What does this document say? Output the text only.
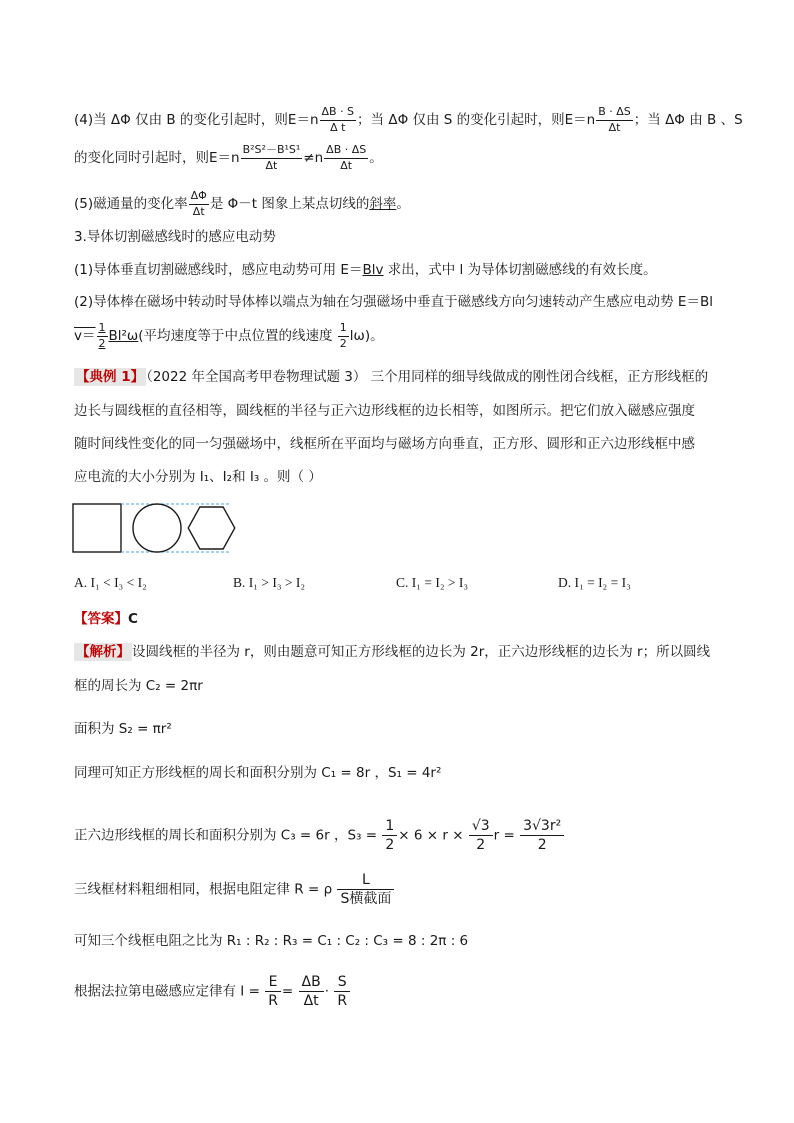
(4)当 ΔΦ 仅由 B 的变化引起时，则$E=n \frac{\Delta B \cdot S}{\text{Δ t}}$ ；当 ΔΦ 仅由 S 的变化引起时，则$E=n \frac{B \cdot \Delta S}{\Delta t}$ ；当 ΔΦ 由 B 、S
的变化同时引起时，则$E=n \frac{\text{B²S²－B¹S¹}}{\Delta t} \ne n \frac{\Delta B \cdot \Delta S}{\Delta t}$ 。
(5)磁通量的变化率 $\frac{\Delta\Phi}{\Delta t}$ 是 Φ－t 图象上某点切线的斜率。
3.导体切割磁感线时的感应电动势
(1)导体垂直切割磁感线时，感应电动势可用 E＝Blv 求出，式中 l 为导体切割磁感线的有效长度。
(2)导体棒在磁场中转动时导体棒以端点为轴在匀强磁场中垂直于磁感线方向匀速转动产生感应电动势 E＝Bl
$v= \frac{1}{2} Bl^2\omega$(平均速度等于中点位置的线速度 $\frac{1}{2} l\omega$)。
【典例 1】 （2022 年全国高考甲卷物理试题 3） 三个用同样的细导线做成的刚性闭合线框，正方形线框的
边长与圆线框的直径相等，圆线框的半径与正六边形线框的边长相等，如图所示。把它们放入磁感应强度
随时间线性变化的同一匀强磁场中，线框所在平面均与磁场方向垂直，正方形、圆形和正六边形线框中感
应电流的大小分别为 I₁、I₂和 I₃ 。则（ ）
A. I₁ < I₃ < I₂	B. I₁ > I₃ > I₂	C. I₁ = I₂ > I₃	D. I₁ = I₂ = I₃
【答案】C
【解析】 设圆线框的半径为 r，则由题意可知正方形线框的边长为 2r，正六边形线框的边长为 r；所以圆线
框的周长为 C₂ = 2πr
面积为 S₂ = πr²
同理可知正方形线框的周长和面积分别为 C₁ = 8r ，S₁ = 4r²
正六边形线框的周长和面积分别为 C₃ = 6r ，$S_3 = \frac{1}{2} \times 6 \times r \times \frac{√3}{2}$ $r = \frac{\text{3√3r²}}{2}$
三线框材料粗细相同，根据电阻定律 R = ρ $\frac{L}{\text{S横截面}}$
可知三个线框电阻之比为 R₁ : R₂ : R₃ = C₁ : C₂ : C₃ = 8 : 2π : 6
根据法拉第电磁感应定律有 $I = \frac{E}{R} = \frac{\Delta B}{\Delta t} \cdot \frac{S}{R}$
